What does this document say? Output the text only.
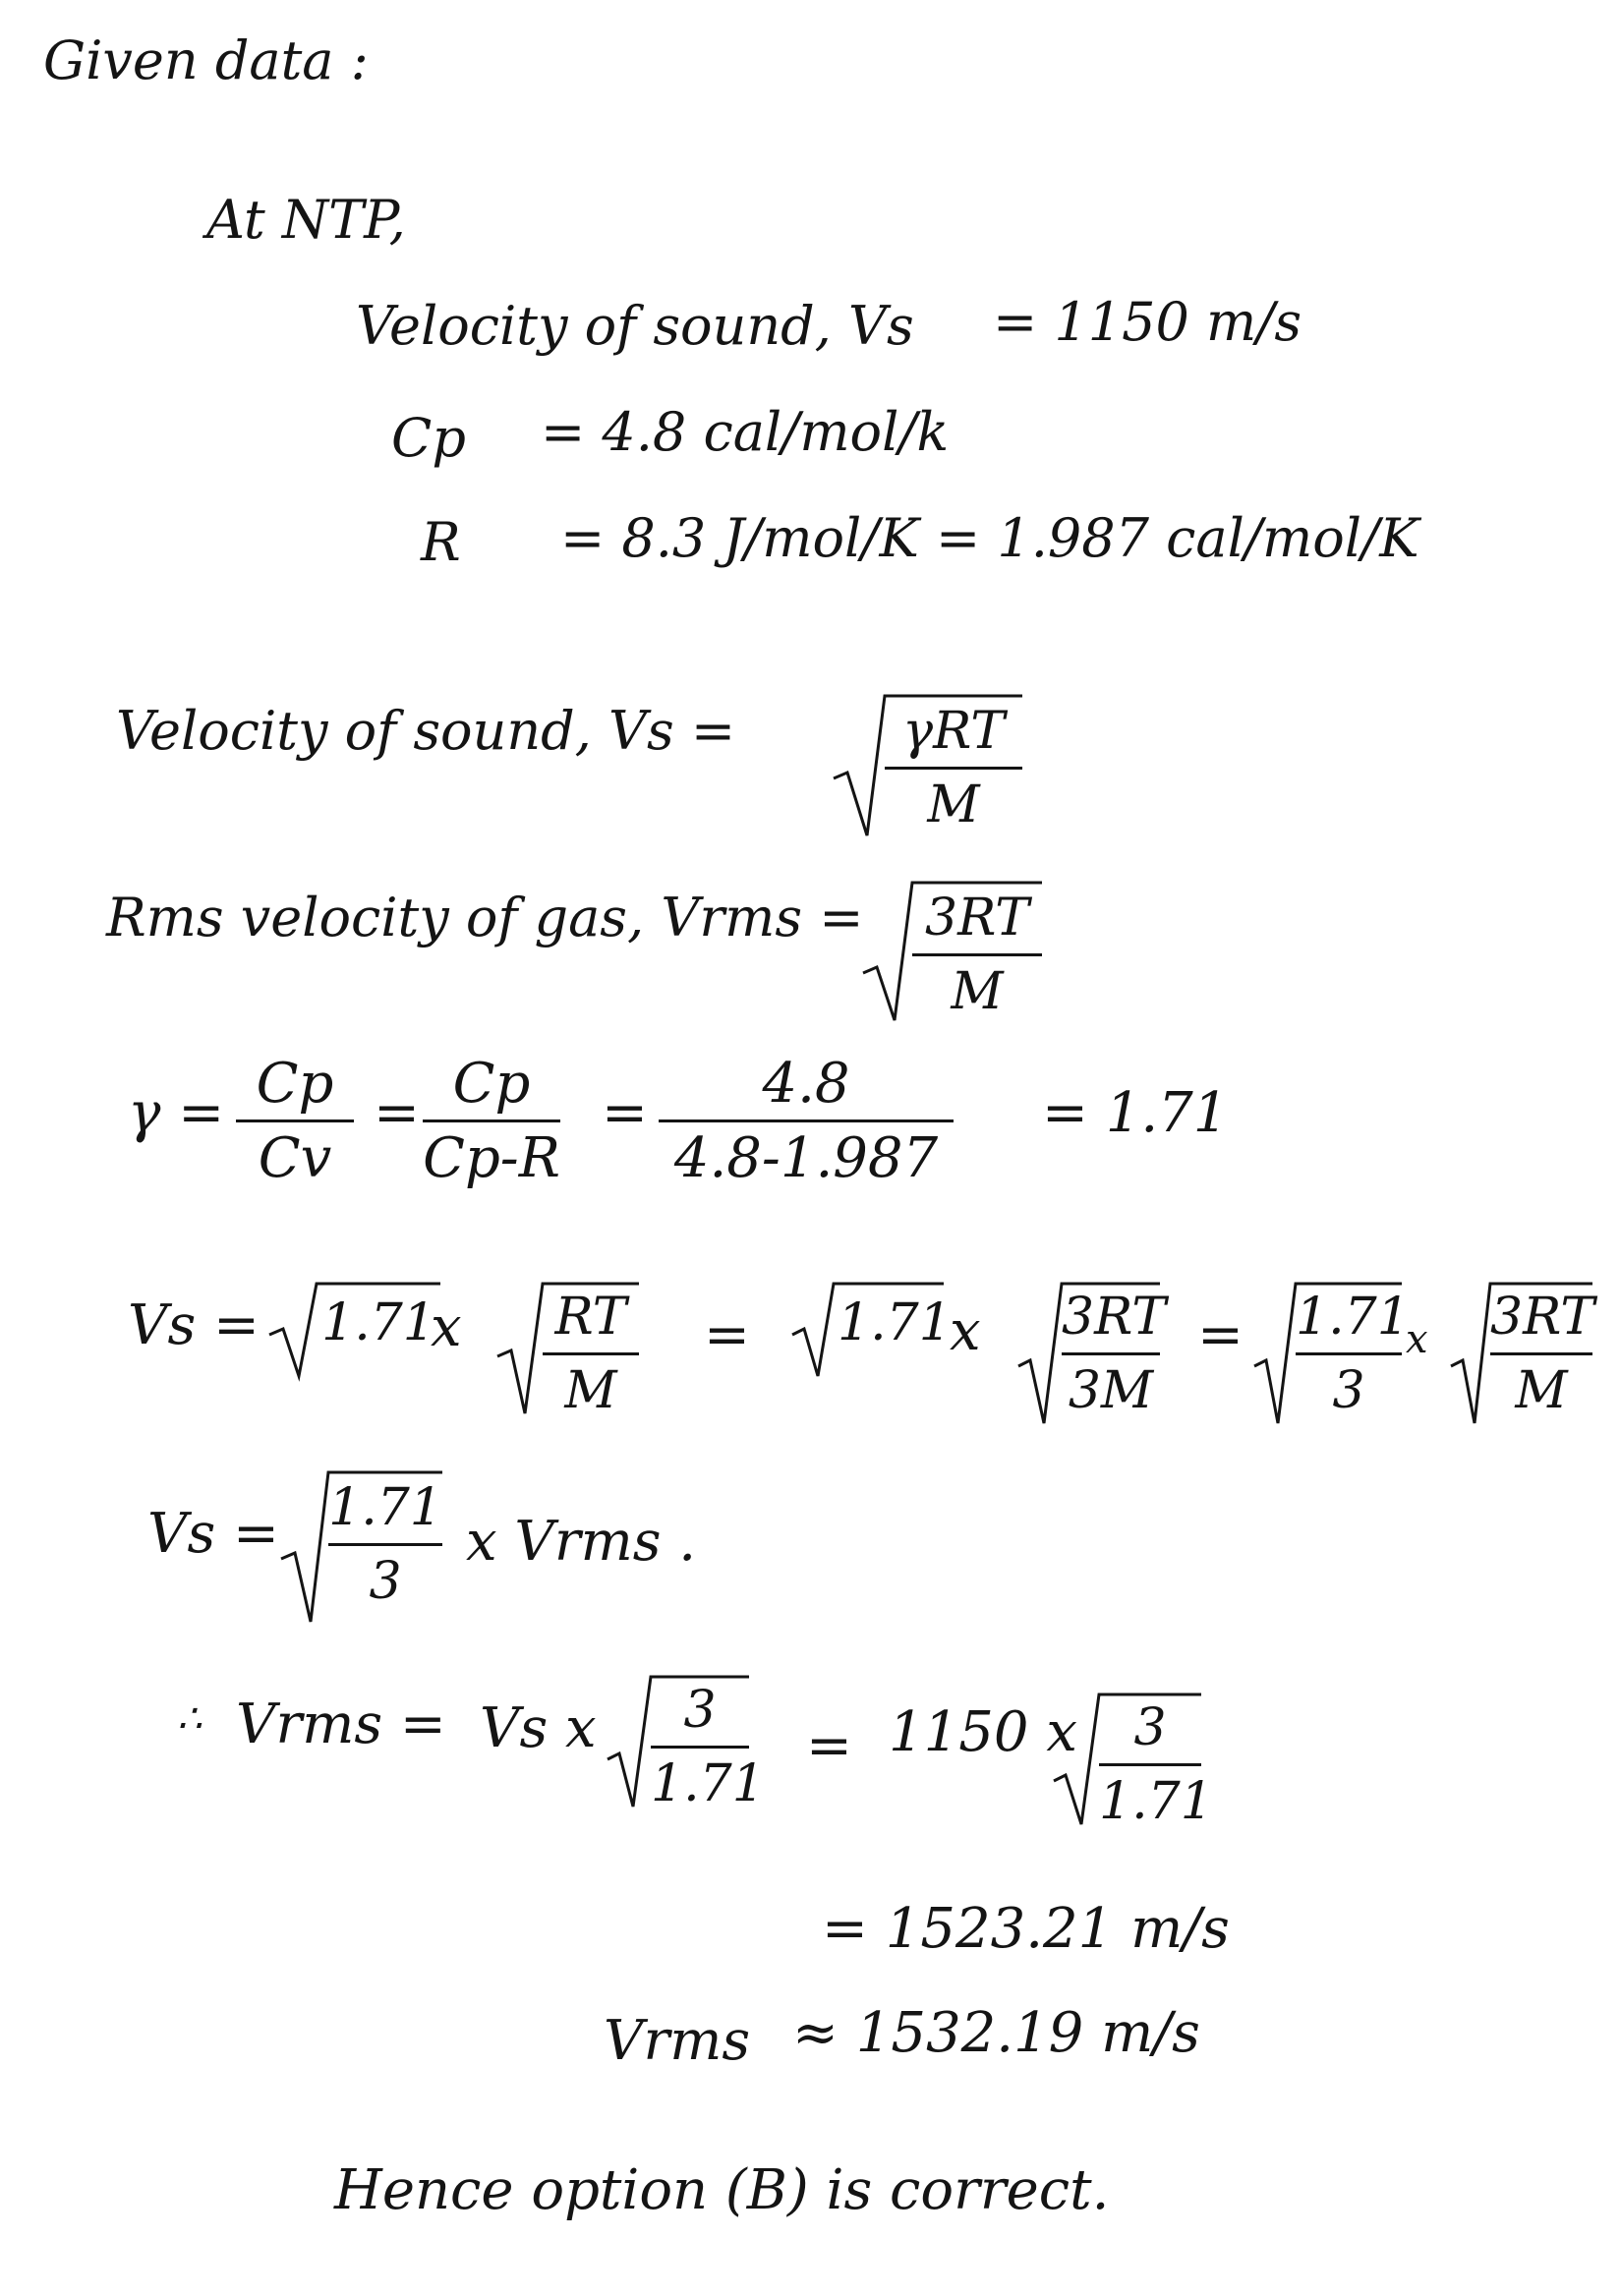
Given data :
At NTP,
Velocity of sound, Vs = 1150 m/s
Cp = 4.8 cal/mol/k
R = 8.3 J/mol/K = 1.987 cal/mol/K
Velocity of sound, Vs =	γRT
M
Rms velocity of gas, Vrms = 3RT
M
γ = Cp
Cv
= Cp
Cp-R
=	4.8
4.8-1.987
= 1.71
Vs = 1.71
x RT
M
= 1.71
x 3RT
3M
= 1.71
3
x 3RT
M
Vs = 1.71
3
x Vrms .
∴ Vrms = Vs x	3
1.71
= 1150 x	3
1.71
= 1523.21 m/s
Vrms ≈ 1532.19 m/s
Hence option (B) is correct.
